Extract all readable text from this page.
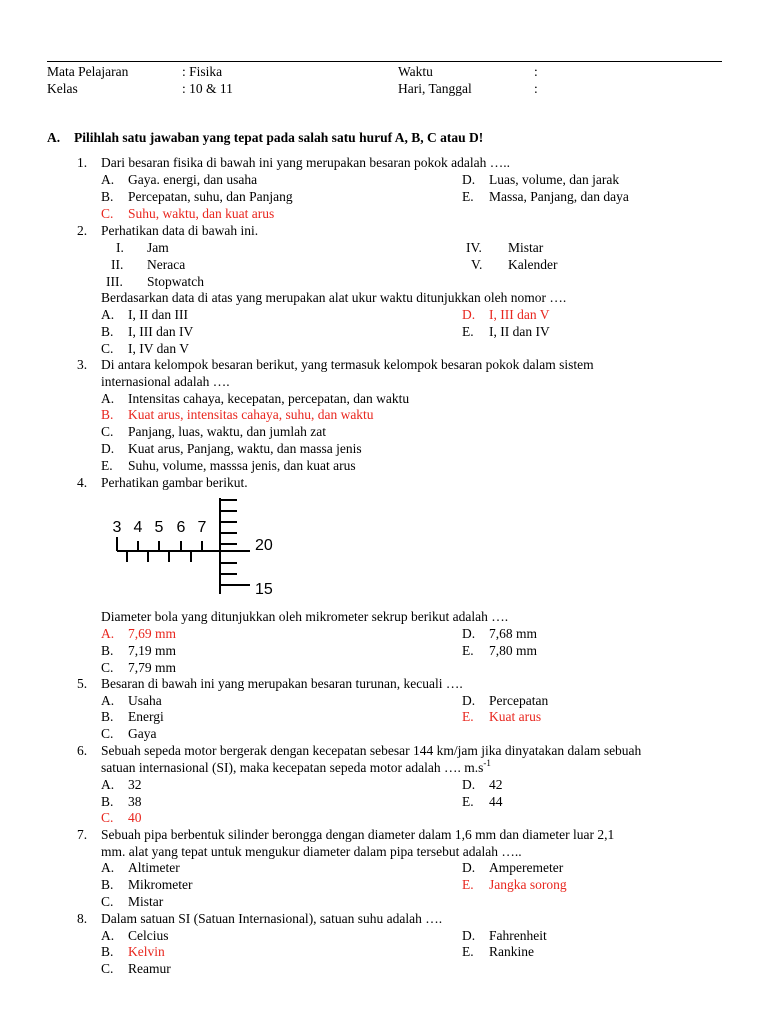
Mata Pelajaran	: Fisika	Waktu	:
Kelas	: 10 & 11	Hari, Tanggal	:
A. Pilihlah satu jawaban yang tepat pada salah satu huruf A, B, C atau D!
1. Dari besaran fisika di bawah ini yang merupakan besaran pokok adalah …..
A. Gaya. energi, dan usaha
B. Percepatan, suhu, dan Panjang
C. Suhu, waktu, dan kuat arus
D. Luas, volume, dan jarak
E. Massa, Panjang, dan daya
2. Perhatikan data di bawah ini.
I. Jam
II. Neraca
III. Stopwatch
IV. Mistar
V. Kalender
Berdasarkan data di atas yang merupakan alat ukur waktu ditunjukkan oleh nomor ….
A. I, II dan III
B. I, III dan IV
C. I, IV dan V
D. I, III dan V
E. I, II dan IV
3. Di antara kelompok besaran berikut, yang termasuk kelompok besaran pokok dalam sistem
internasional adalah ….
A. Intensitas cahaya, kecepatan, percepatan, dan waktu
B. Kuat arus, intensitas cahaya, suhu, dan waktu
C. Panjang, luas, waktu, dan jumlah zat
D. Kuat arus, Panjang, waktu, dan massa jenis
E. Suhu, volume, masssa jenis, dan kuat arus
4. Perhatikan gambar berikut.
3 4 5 6 7
20
15
Diameter bola yang ditunjukkan oleh mikrometer sekrup berikut adalah ….
A. 7,69 mm
B. 7,19 mm
C. 7,79 mm
D. 7,68 mm
E. 7,80 mm
5. Besaran di bawah ini yang merupakan besaran turunan, kecuali ….
A. Usaha
B. Energi
C. Gaya
D. Percepatan
E. Kuat arus
6. Sebuah sepeda motor bergerak dengan kecepatan sebesar 144 km/jam jika dinyatakan dalam sebuah
satuan internasional (SI), maka kecepatan sepeda motor adalah …. $m.s^{-1}$
A. 32
B. 38
C. 40
D. 42
E. 44
7. Sebuah pipa berbentuk silinder berongga dengan diameter dalam 1,6 mm dan diameter luar 2,1
mm. alat yang tepat untuk mengukur diameter dalam pipa tersebut adalah …..
A. Altimeter
B. Mikrometer
C. Mistar
D. Amperemeter
E. Jangka sorong
8. Dalam satuan SI (Satuan Internasional), satuan suhu adalah ….
A. Celcius
B. Kelvin
C. Reamur
D. Fahrenheit
E. Rankine
